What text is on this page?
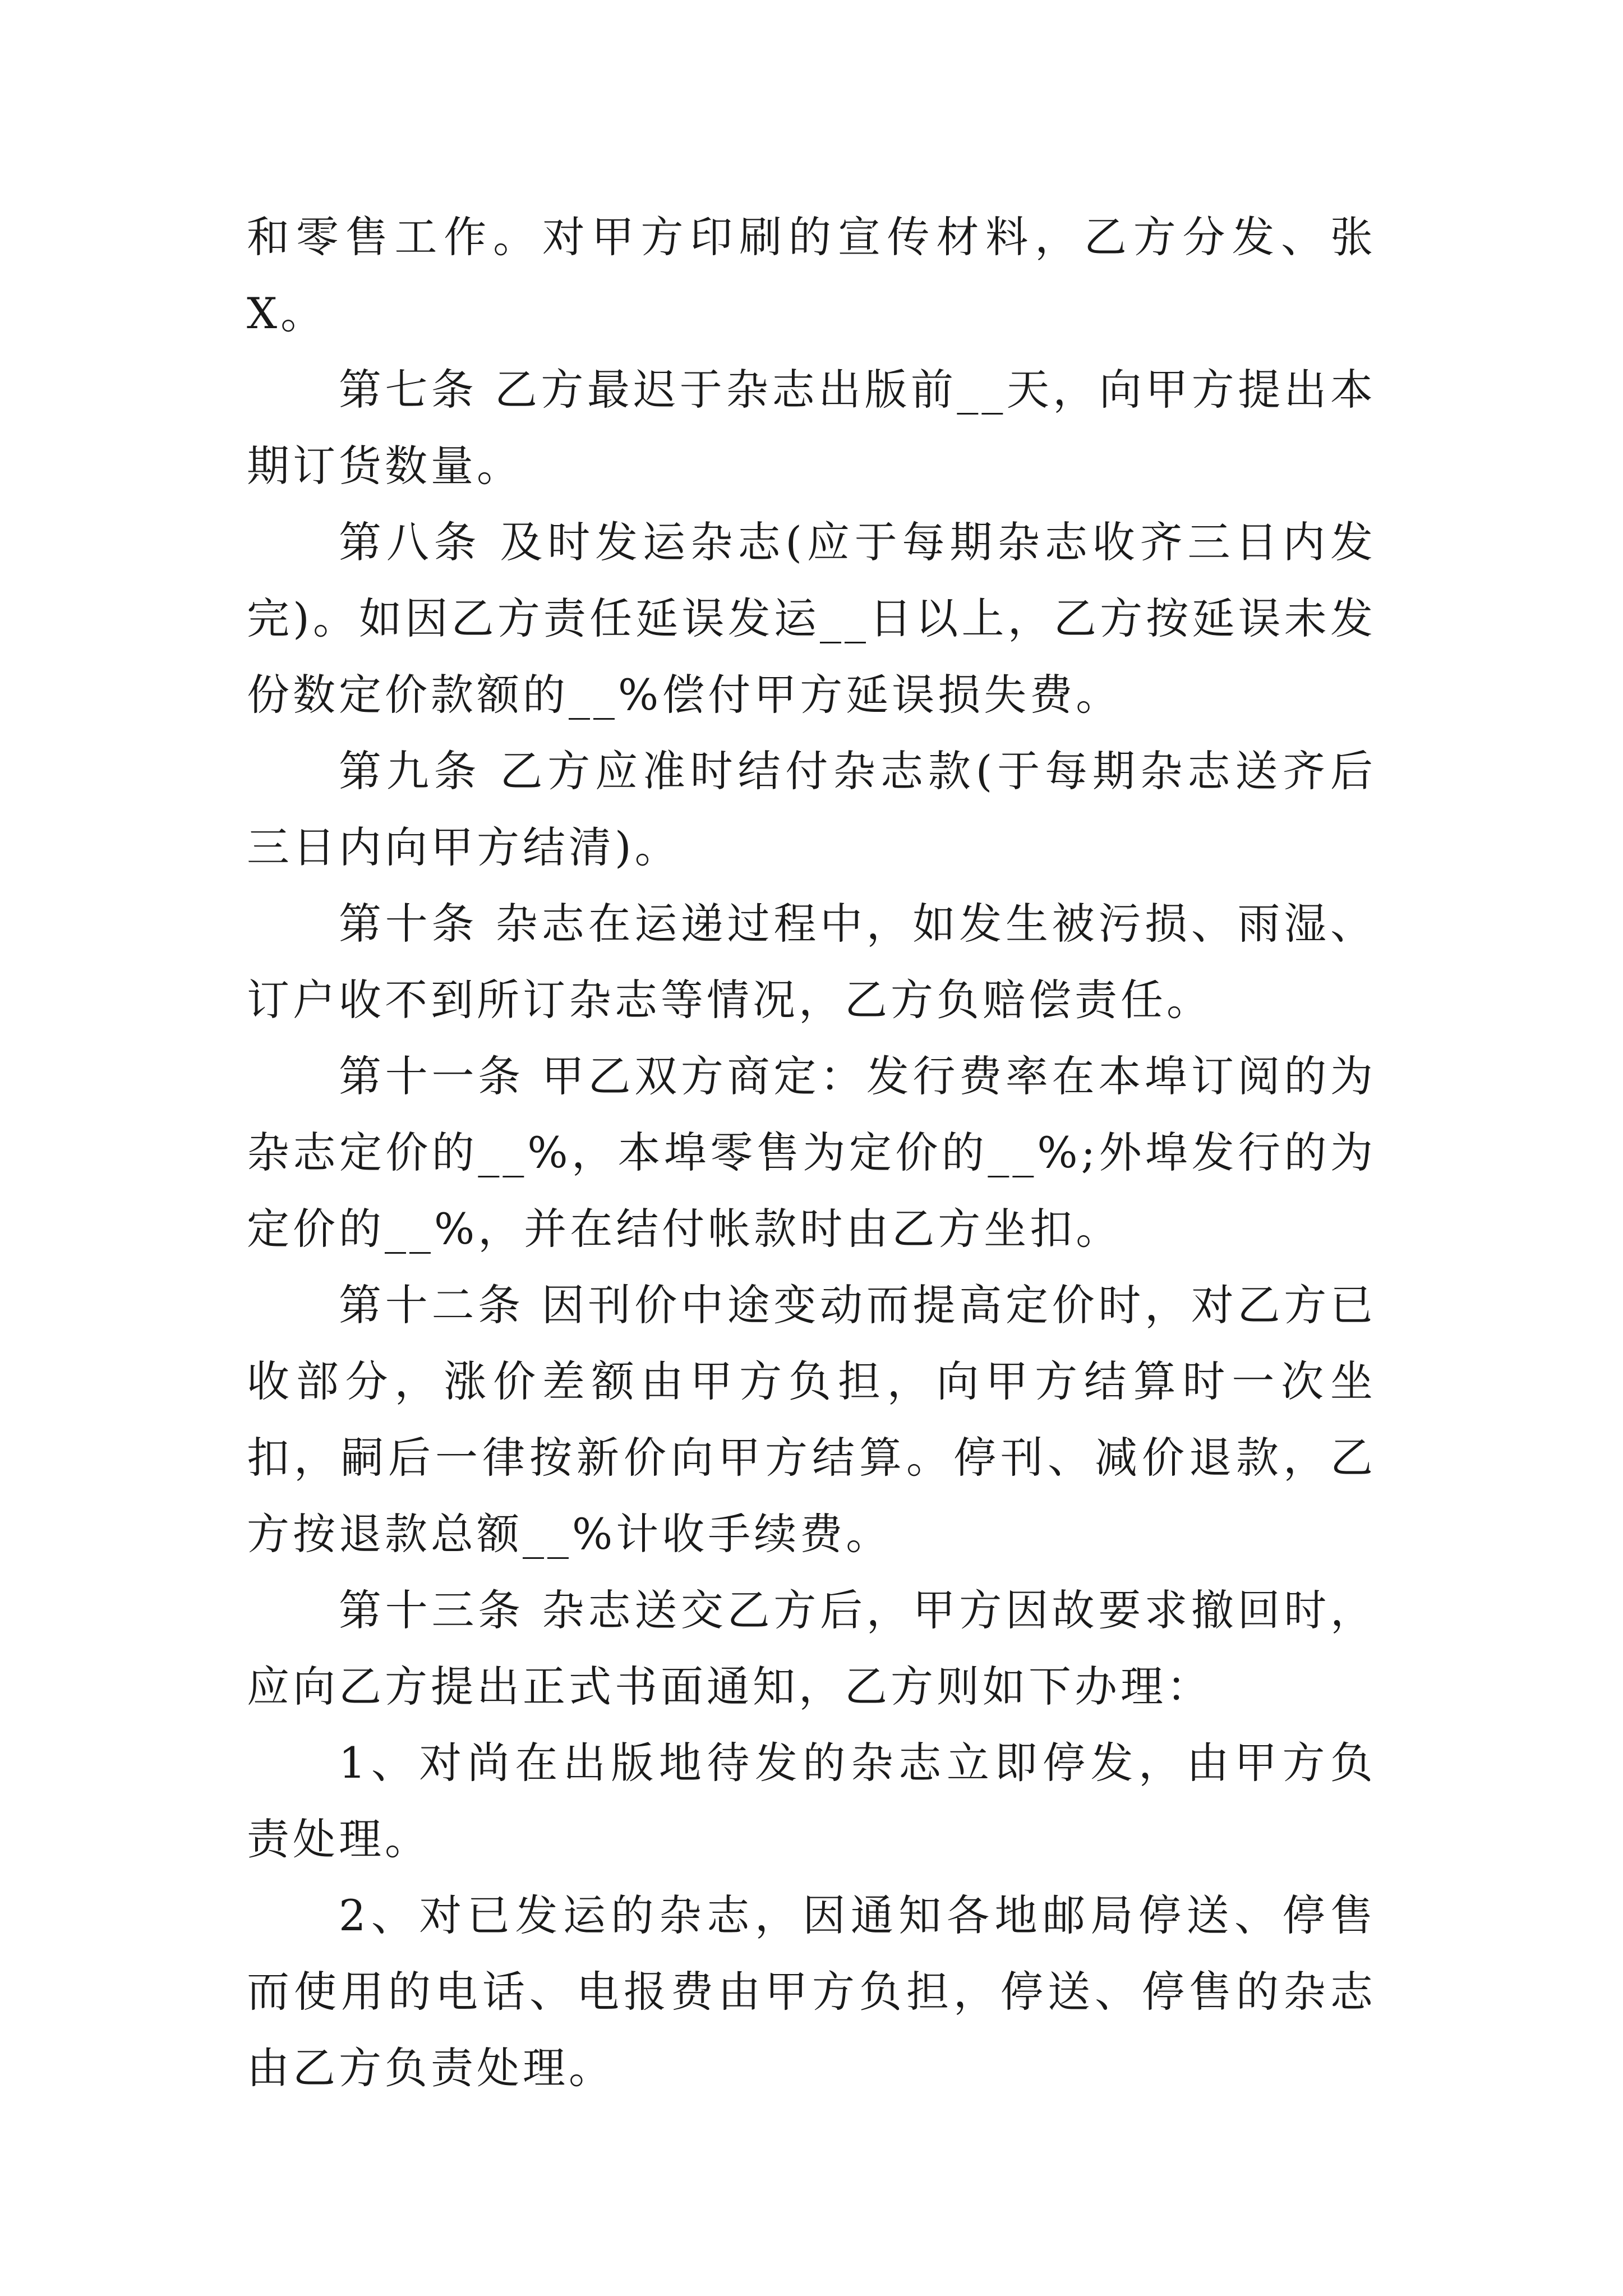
和零售工作。对甲方印刷的宣传材料，乙方分发、张X。

第七条 乙方最迟于杂志出版前__天，向甲方提出本期订货数量。

第八条 及时发运杂志(应于每期杂志收齐三日内发完)。如因乙方责任延误发运__日以上，乙方按延误未发份数定价款额的__%偿付甲方延误损失费。

第九条 乙方应准时结付杂志款(于每期杂志送齐后三日内向甲方结清)。

第十条 杂志在运递过程中，如发生被污损、雨湿、订户收不到所订杂志等情况，乙方负赔偿责任。

第十一条 甲乙双方商定：发行费率在本埠订阅的为杂志定价的__%，本埠零售为定价的__%;外埠发行的为定价的__%，并在结付帐款时由乙方坐扣。

第十二条 因刊价中途变动而提高定价时，对乙方已收部分，涨价差额由甲方负担，向甲方结算时一次坐扣，嗣后一律按新价向甲方结算。停刊、减价退款，乙方按退款总额__%计收手续费。

第十三条 杂志送交乙方后，甲方因故要求撤回时，应向乙方提出正式书面通知，乙方则如下办理：

1、对尚在出版地待发的杂志立即停发，由甲方负责处理。

2、对已发运的杂志，因通知各地邮局停送、停售而使用的电话、电报费由甲方负担，停送、停售的杂志由乙方负责处理。
